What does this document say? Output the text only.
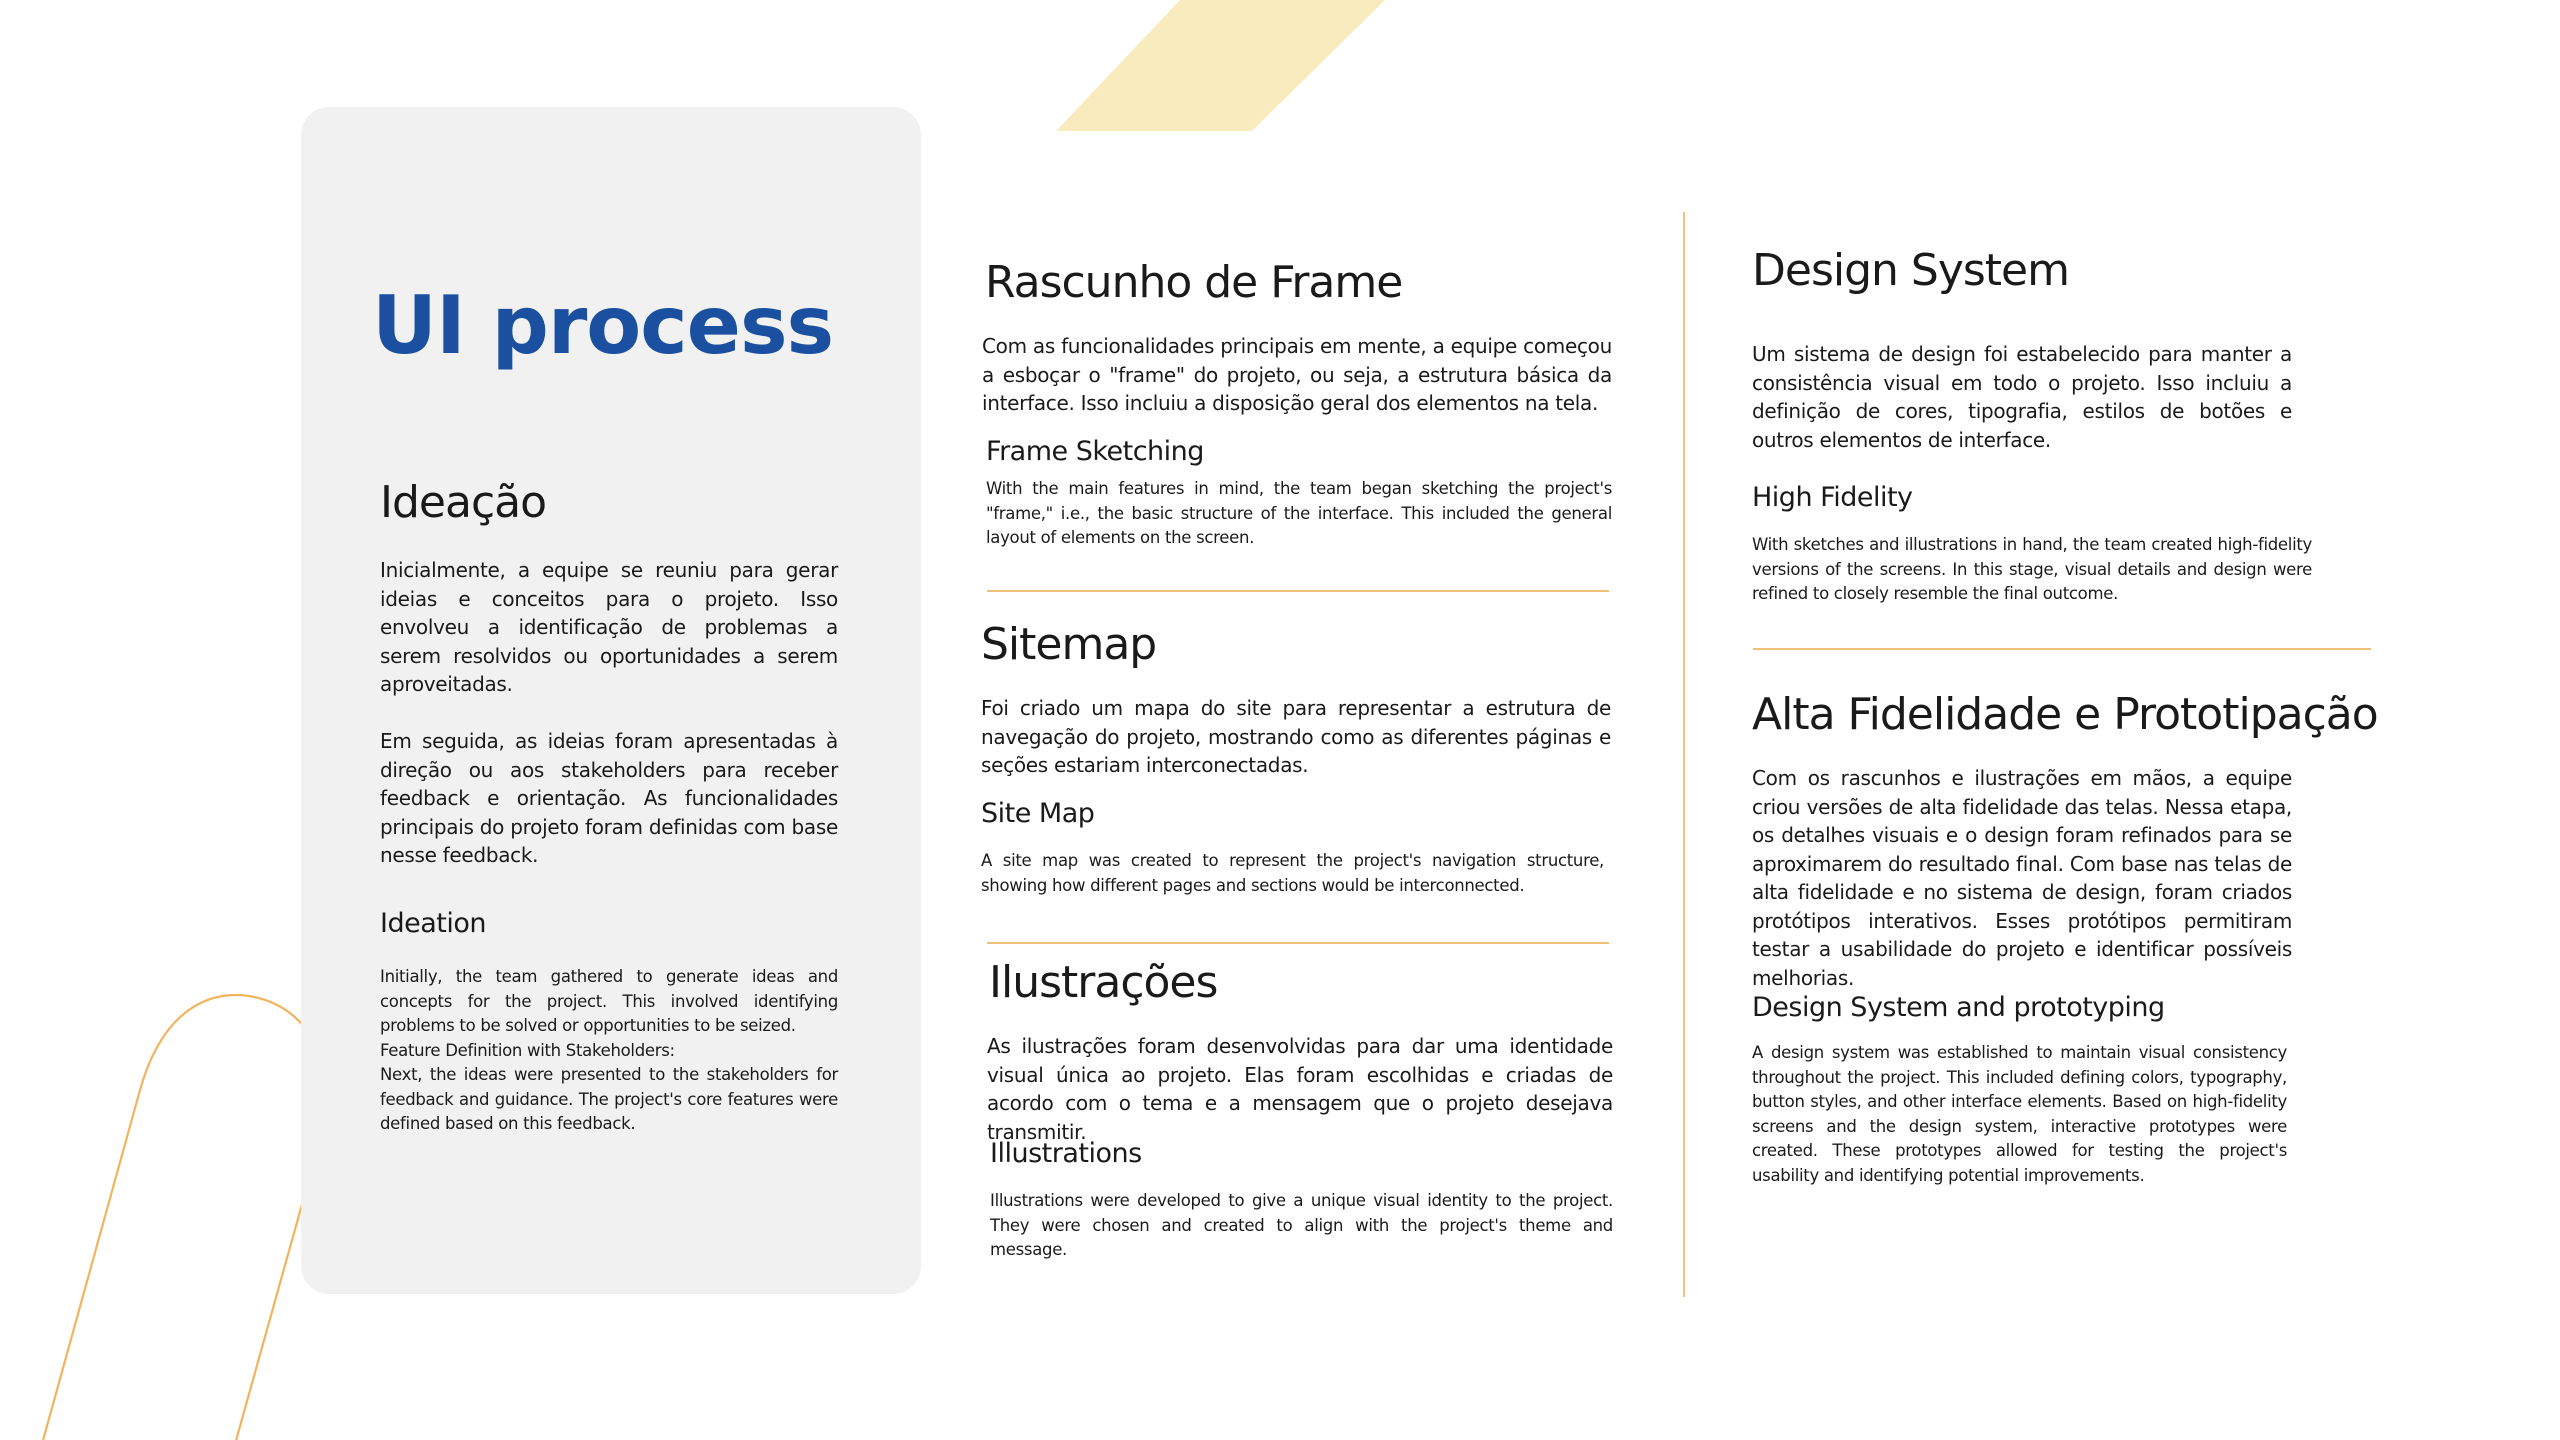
UI process
Ideação

Inicialmente, a equipe se reuniu para gerar ideias e conceitos para o projeto. Isso envolveu a identificação de problemas a serem resolvidos ou oportunidades a serem aproveitadas.

Em seguida, as ideias foram apresentadas à direção ou aos stakeholders para receber feedback e orientação. As funcionalidades principais do projeto foram definidas com base nesse feedback.

Ideation

Initially, the team gathered to generate ideas and concepts for the project. This involved identifying problems to be solved or opportunities to be seized.
Feature Definition with Stakeholders:
Next, the ideas were presented to the stakeholders for feedback and guidance. The project's core features were defined based on this feedback.

Rascunho de Frame

Com as funcionalidades principais em mente, a equipe começou a esboçar o "frame" do projeto, ou seja, a estrutura básica da interface. Isso incluiu a disposição geral dos elementos na tela.

Frame Sketching

With the main features in mind, the team began sketching the project's "frame," i.e., the basic structure of the interface. This included the general layout of elements on the screen.

Sitemap

Foi criado um mapa do site para representar a estrutura de navegação do projeto, mostrando como as diferentes páginas e seções estariam interconectadas.

Site Map

A site map was created to represent the project's navigation structure, showing how different pages and sections would be interconnected.

Ilustrações

As ilustrações foram desenvolvidas para dar uma identidade visual única ao projeto. Elas foram escolhidas e criadas de acordo com o tema e a mensagem que o projeto desejava transmitir.

Illustrations

Illustrations were developed to give a unique visual identity to the project. They were chosen and created to align with the project's theme and message.

Design System

Um sistema de design foi estabelecido para manter a consistência visual em todo o projeto. Isso incluiu a definição de cores, tipografia, estilos de botões e outros elementos de interface.

High Fidelity

With sketches and illustrations in hand, the team created high-fidelity versions of the screens. In this stage, visual details and design were refined to closely resemble the final outcome.

Alta Fidelidade e Prototipação

Com os rascunhos e ilustrações em mãos, a equipe criou versões de alta fidelidade das telas. Nessa etapa, os detalhes visuais e o design foram refinados para se aproximarem do resultado final. Com base nas telas de alta fidelidade e no sistema de design, foram criados protótipos interativos. Esses protótipos permitiram testar a usabilidade do projeto e identificar possíveis melhorias.

Design System and prototyping

A design system was established to maintain visual consistency throughout the project. This included defining colors, typography, button styles, and other interface elements. Based on high-fidelity screens and the design system, interactive prototypes were created. These prototypes allowed for testing the project's usability and identifying potential improvements.
